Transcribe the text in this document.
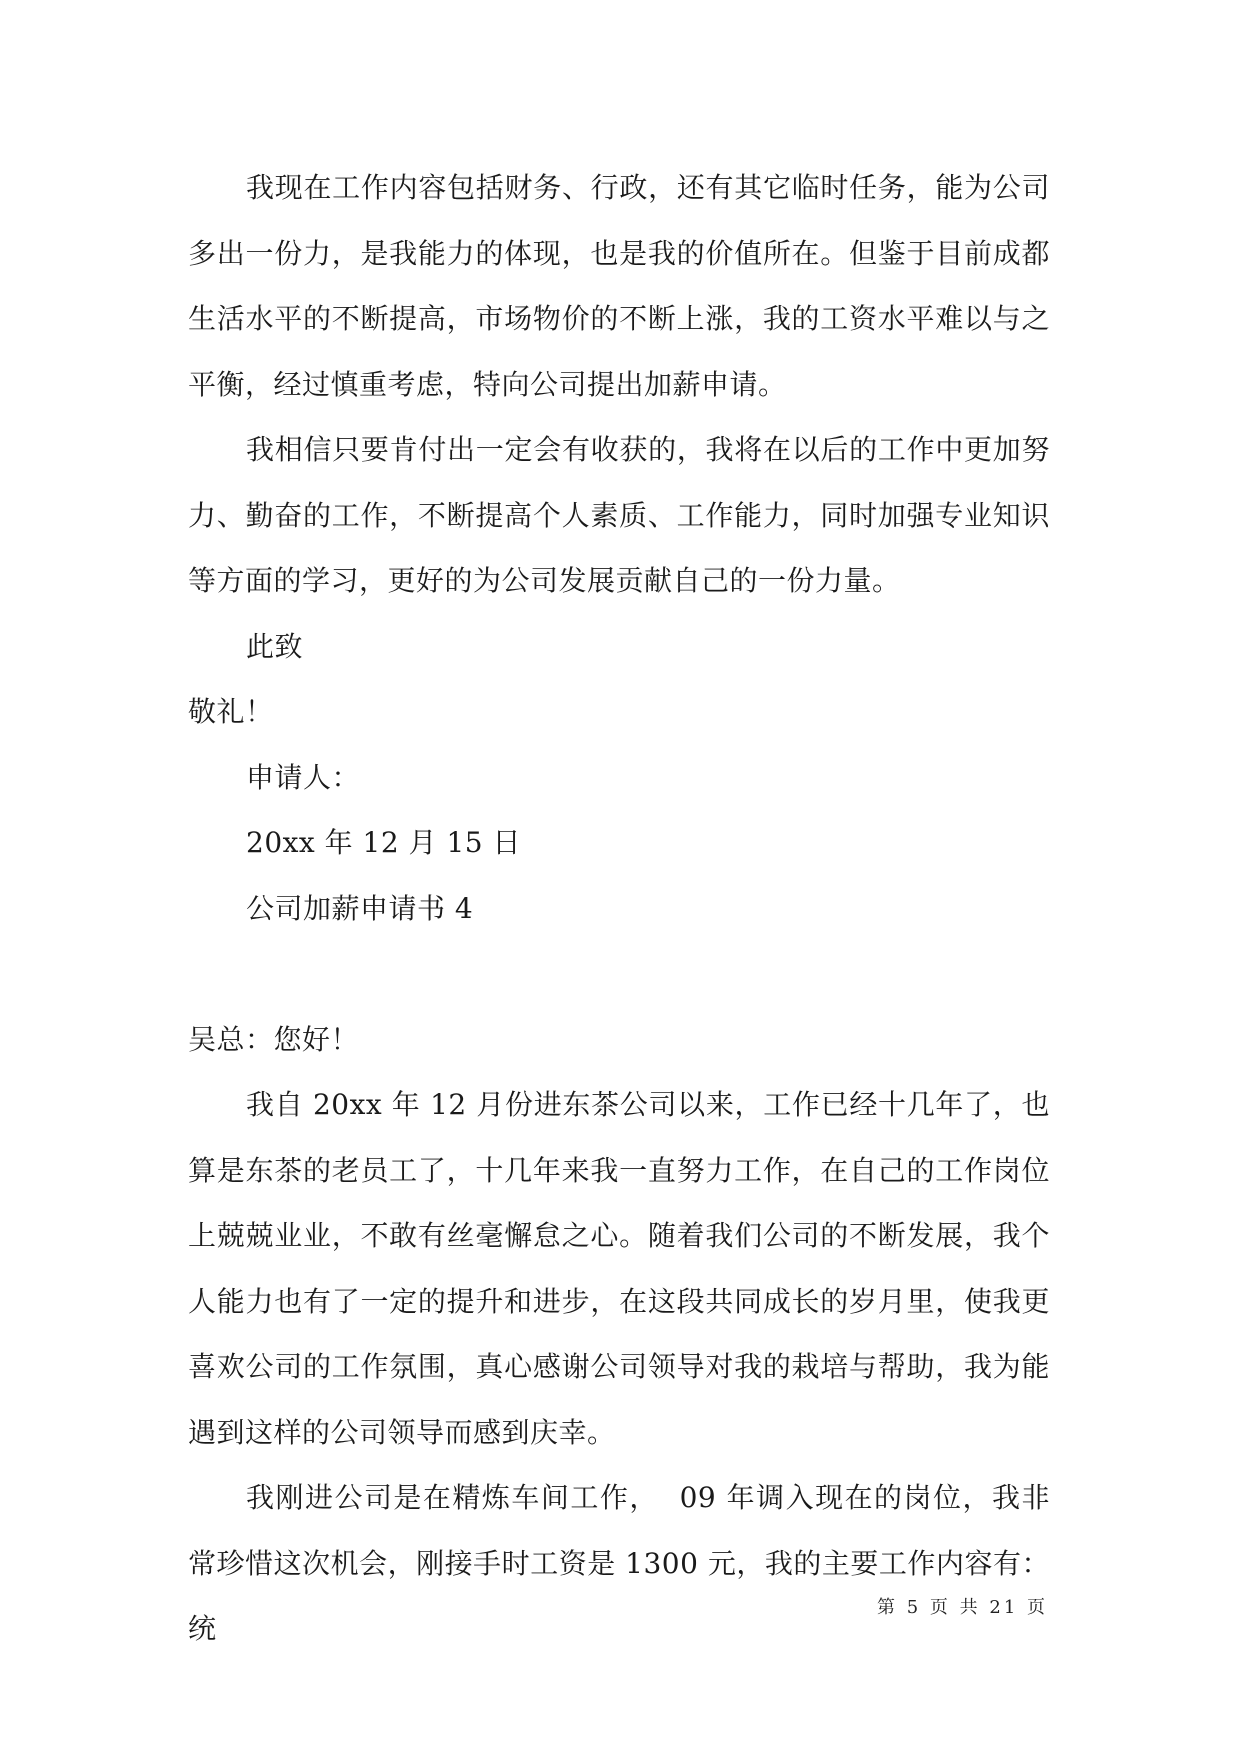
我现在工作内容包括财务、行政，还有其它临时任务，能为公司多出一份力，是我能力的体现，也是我的价值所在。但鉴于目前成都生活水平的不断提高，市场物价的不断上涨，我的工资水平难以与之平衡，经过慎重考虑，特向公司提出加薪申请。

我相信只要肯付出一定会有收获的，我将在以后的工作中更加努力、勤奋的工作，不断提高个人素质、工作能力，同时加强专业知识等方面的学习，更好的为公司发展贡献自己的一份力量。

此致

敬礼！

申请人：

20xx 年 12 月 15 日

公司加薪申请书 4

吴总：您好！

我自 20xx 年 12 月份进东茶公司以来，工作已经十几年了，也算是东茶的老员工了，十几年来我一直努力工作，在自己的工作岗位上兢兢业业，不敢有丝毫懈怠之心。随着我们公司的不断发展，我个人能力也有了一定的提升和进步，在这段共同成长的岁月里，使我更喜欢公司的工作氛围，真心感谢公司领导对我的栽培与帮助，我为能遇到这样的公司领导而感到庆幸。

我刚进公司是在精炼车间工作，  09 年调入现在的岗位，我非常珍惜这次机会，刚接手时工资是 1300 元，我的主要工作内容有：统

第 5 页 共 21 页
